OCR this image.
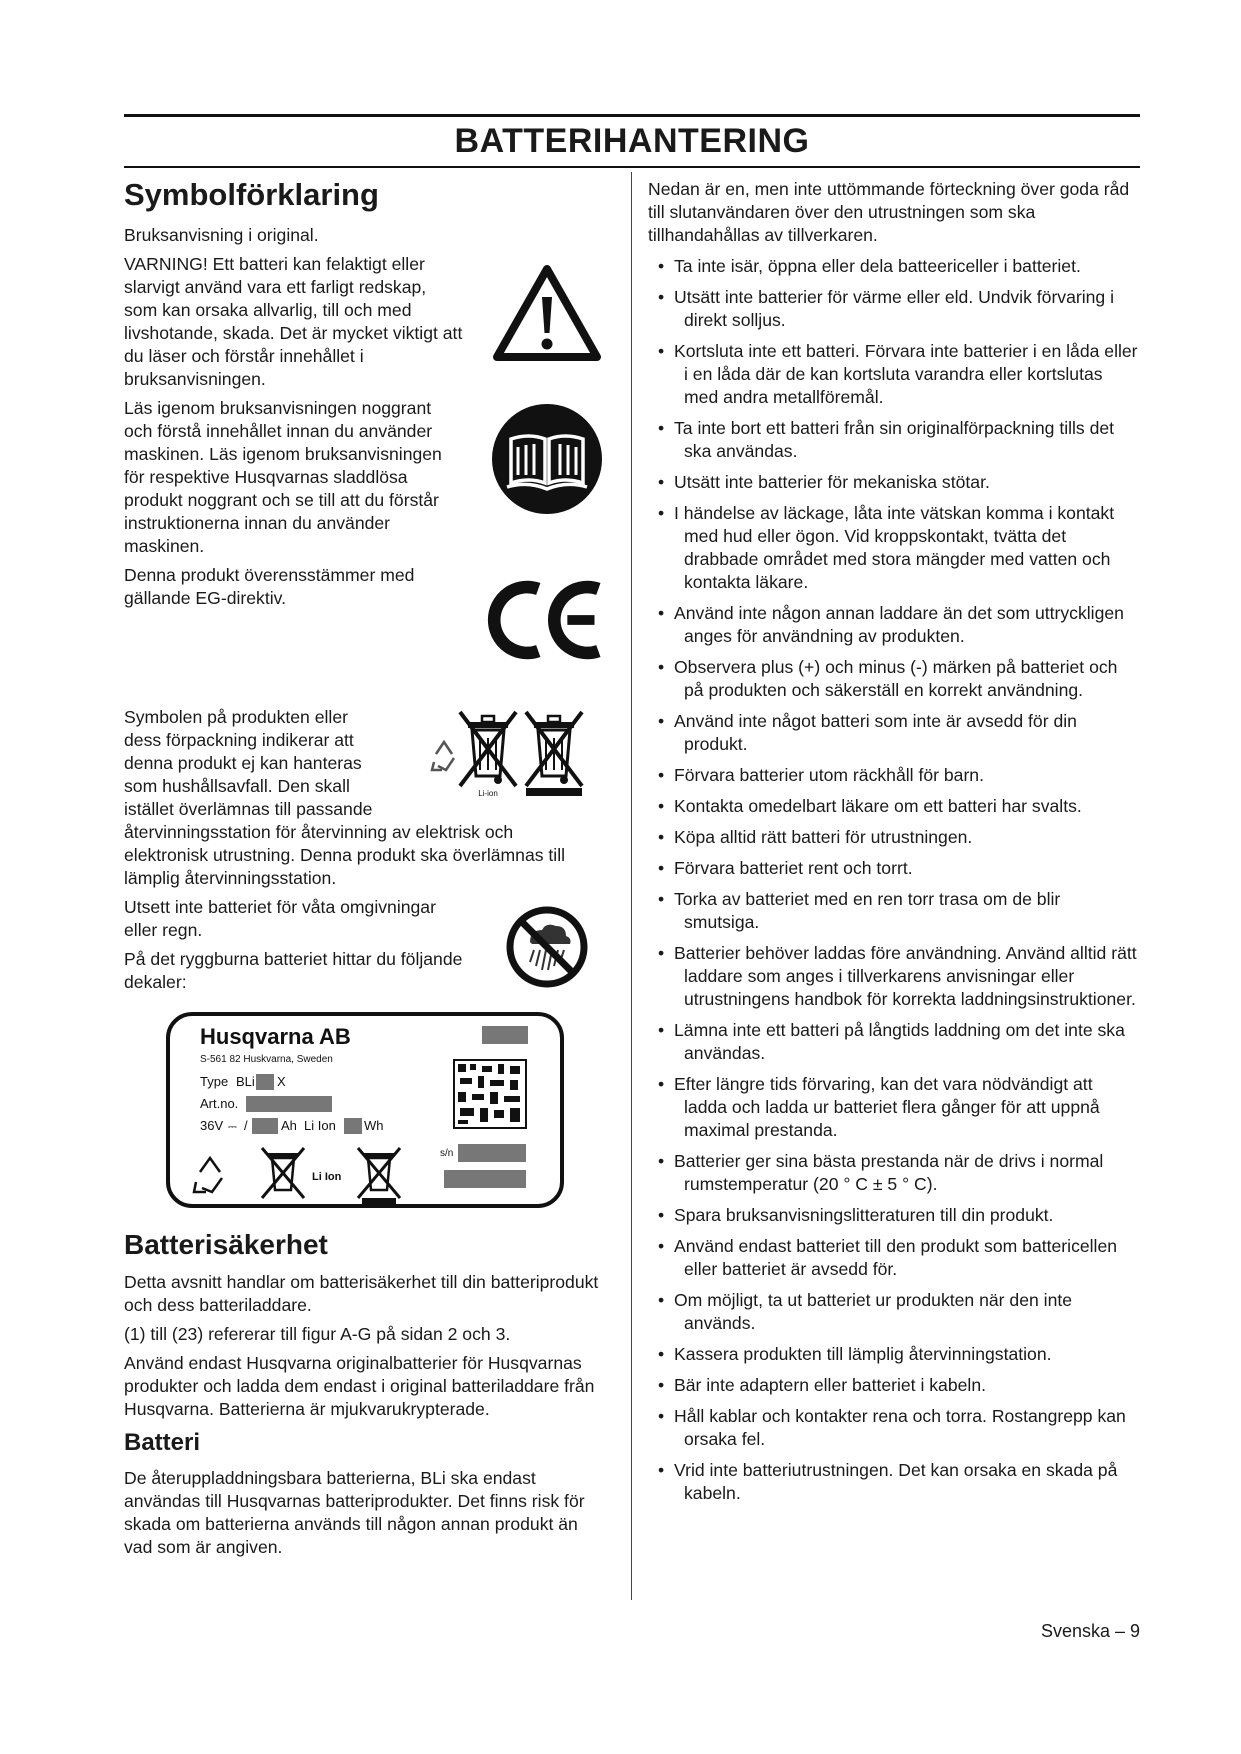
BATTERIHANTERING
Symbolförklaring

Bruksanvisning i original.

VARNING! Ett batteri kan felaktigt eller slarvigt använd vara ett farligt redskap, som kan orsaka allvarlig, till och med livshotande, skada. Det är mycket viktigt att du läser och förstår innehållet i bruksanvisningen.

Läs igenom bruksanvisningen noggrant och förstå innehållet innan du använder maskinen. Läs igenom bruksanvisningen för respektive Husqvarnas sladdlösa produkt noggrant och se till att du förstår instruktionerna innan du använder maskinen.

Denna produkt överensstämmer med gällande EG-direktiv.

Li-ion

Symbolen på produkten eller

dess förpackning indikerar att

denna produkt ej kan hanteras

som hushållsavfall. Den skall

istället överlämnas till passande

återvinningsstation för återvinning av elektrisk och

elektronisk utrustning. Denna produkt ska överlämnas till

lämplig återvinningsstation.

Utsett inte batteriet för våta omgivningar eller regn.

På det ryggburna batteriet hittar du följande dekaler:

Husqvarna AB
S-561 82 Huskvarna, Sweden
Type BLi X
Art.no.
36V ⎓ /	Ah Li Ion Wh
s/n
Li Ion
Batterisäkerhet

Detta avsnitt handlar om batterisäkerhet till din batteriprodukt och dess batteriladdare.

(1) till (23) refererar till figur A-G på sidan 2 och 3.

Använd endast Husqvarna originalbatterier för Husqvarnas produkter och ladda dem endast i original batteriladdare från Husqvarna. Batterierna är mjukvarukrypterade.

Batteri

De återuppladdningsbara batterierna, BLi ska endast användas till Husqvarnas batteriprodukter. Det finns risk för skada om batterierna används till någon annan produkt än vad som är angiven.

Nedan är en, men inte uttömmande förteckning över goda råd till slutanvändaren över den utrustningen som ska tillhandahållas av tillverkaren.

• Ta inte isär, öppna eller dela batteericeller i batteriet.
• Utsätt inte batterier för värme eller eld. Undvik förvaring i direkt solljus.
• Kortsluta inte ett batteri. Förvara inte batterier i en låda eller i en låda där de kan kortsluta varandra eller kortslutas med andra metallföremål.
• Ta inte bort ett batteri från sin originalförpackning tills det ska användas.
• Utsätt inte batterier för mekaniska stötar.
• I händelse av läckage, låta inte vätskan komma i kontakt med hud eller ögon. Vid kroppskontakt, tvätta det drabbade området med stora mängder med vatten och kontakta läkare.
• Använd inte någon annan laddare än det som uttryckligen anges för användning av produkten.
• Observera plus (+) och minus (-) märken på batteriet och på produkten och säkerställ en korrekt användning.
• Använd inte något batteri som inte är avsedd för din produkt.
• Förvara batterier utom räckhåll för barn.
• Kontakta omedelbart läkare om ett batteri har svalts.
• Köpa alltid rätt batteri för utrustningen.
• Förvara batteriet rent och torrt.
• Torka av batteriet med en ren torr trasa om de blir smutsiga.
• Batterier behöver laddas före användning. Använd alltid rätt laddare som anges i tillverkarens anvisningar eller utrustningens handbok för korrekta laddningsinstruktioner.
• Lämna inte ett batteri på långtids laddning om det inte ska användas.
• Efter längre tids förvaring, kan det vara nödvändigt att ladda och ladda ur batteriet flera gånger för att uppnå maximal prestanda.
• Batterier ger sina bästa prestanda när de drivs i normal rumstemperatur (20 ° C ± 5 ° C).
• Spara bruksanvisningslitteraturen till din produkt.
• Använd endast batteriet till den produkt som battericellen eller batteriet är avsedd för.
• Om möjligt, ta ut batteriet ur produkten när den inte används.
• Kassera produkten till lämplig återvinningstation.
• Bär inte adaptern eller batteriet i kabeln.
• Håll kablar och kontakter rena och torra. Rostangrepp kan orsaka fel.
• Vrid inte batteriutrustningen. Det kan orsaka en skada på kabeln.
Svenska – 9
